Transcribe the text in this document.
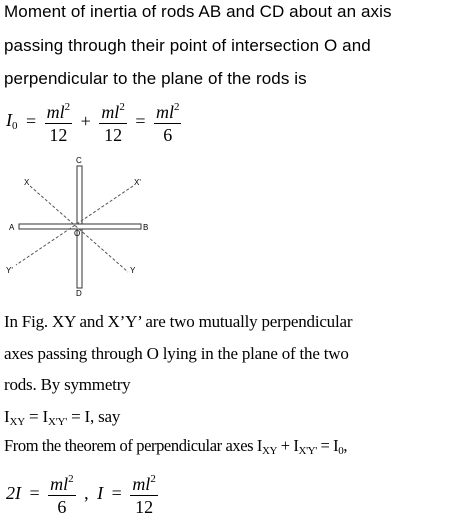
Moment of inertia of rods AB and CD about an axis
passing through their point of intersection O and
perpendicular to the plane of the rods is
$I_0 = \frac{ml^2}{12} + \frac{ml^2}{12} = \frac{ml^2}{6}$
C
D
A	B
O
X	X'
Y
Y'
In Fig. XY and X’Y’ are two mutually perpendicular
axes passing through O lying in the plane of the two
rods. By symmetry
$I_{XY} = I_{X'Y'} = I$, say
From the theorem of perpendicular axes $I_{XY} + I_{X'Y'} = I_0$,
$2I = \frac{ml^2}{6}$ , $I = \frac{ml^2}{12}$
